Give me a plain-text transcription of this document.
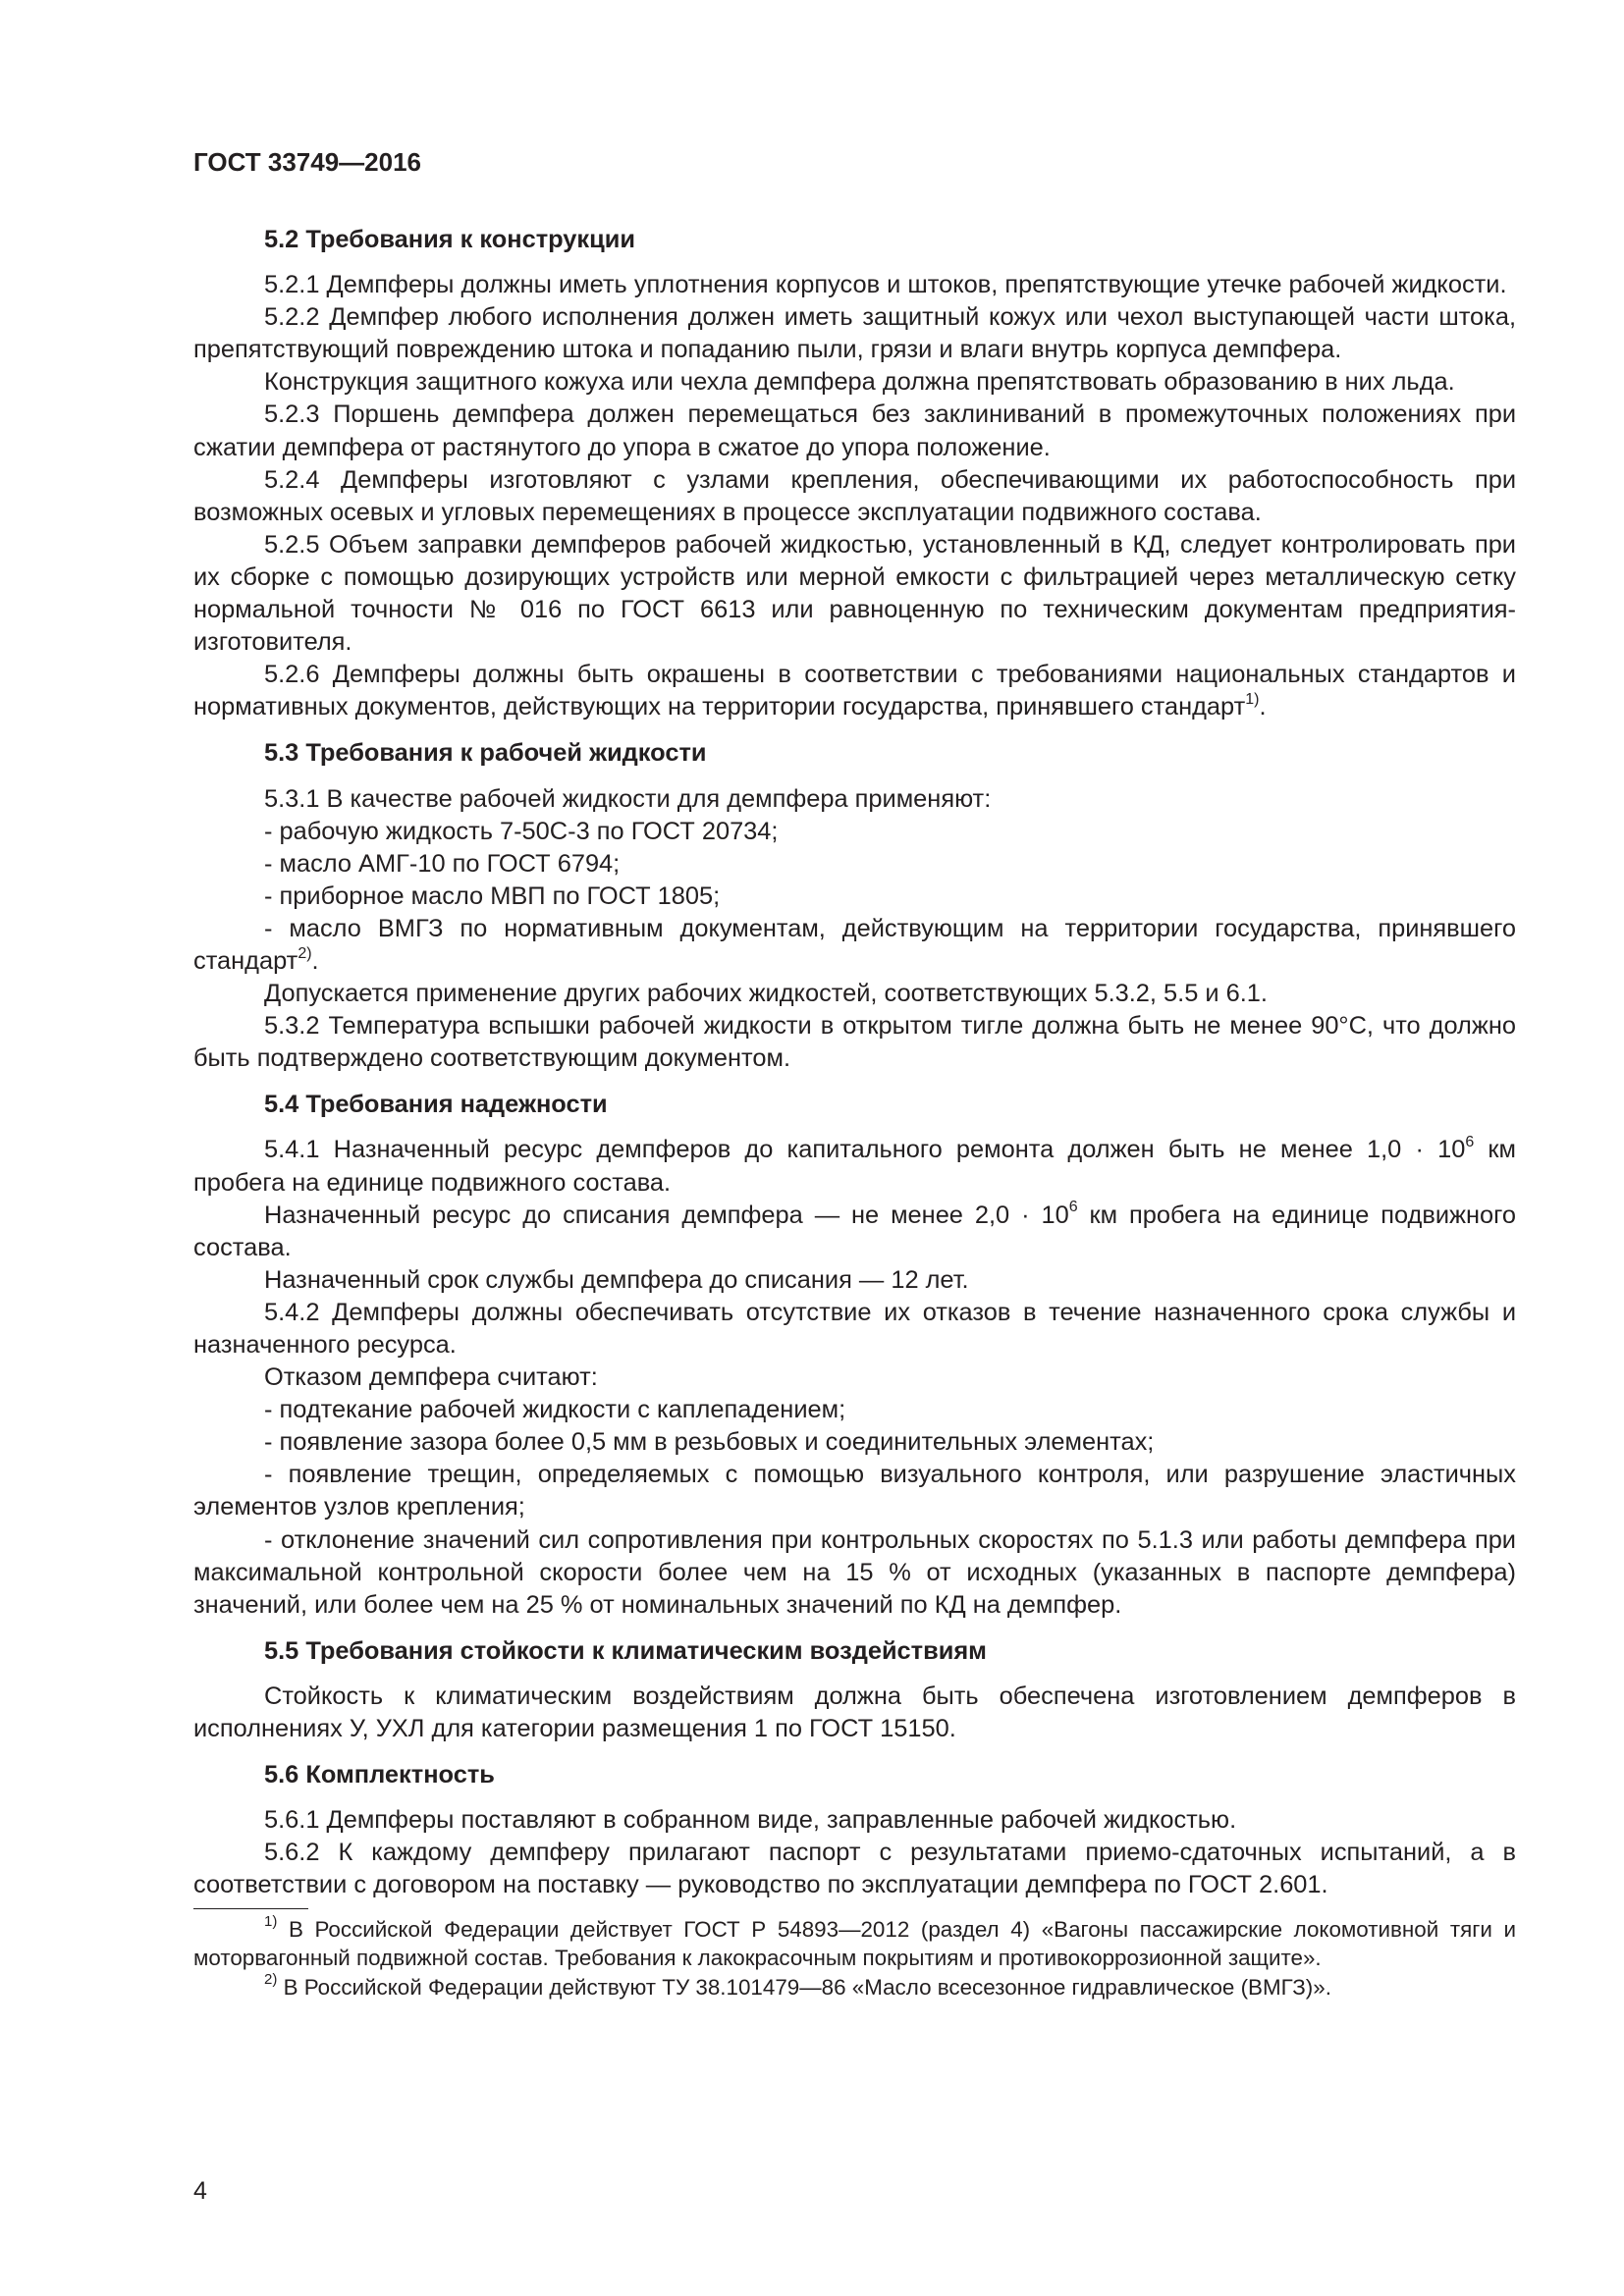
ГОСТ 33749—2016

5.2 Требования к конструкции

5.2.1 Демпферы должны иметь уплотнения корпусов и штоков, препятствующие утечке рабочей жидкости.

5.2.2 Демпфер любого исполнения должен иметь защитный кожух или чехол выступающей части штока, препятствующий повреждению штока и попаданию пыли, грязи и влаги внутрь корпуса демпфера.

Конструкция защитного кожуха или чехла демпфера должна препятствовать образованию в них льда.

5.2.3 Поршень демпфера должен перемещаться без заклиниваний в промежуточных положениях при сжатии демпфера от растянутого до упора в сжатое до упора положение.

5.2.4 Демпферы изготовляют с узлами крепления, обеспечивающими их работоспособность при возможных осевых и угловых перемещениях в процессе эксплуатации подвижного состава.

5.2.5 Объем заправки демпферов рабочей жидкостью, установленный в КД, следует контролировать при их сборке с помощью дозирующих устройств или мерной емкости с фильтрацией через металлическую сетку нормальной точности № 016 по ГОСТ 6613 или равноценную по техническим документам предприятия-изготовителя.

5.2.6 Демпферы должны быть окрашены в соответствии с требованиями национальных стандартов и нормативных документов, действующих на территории государства, принявшего стандарт$^{1)}$.

5.3 Требования к рабочей жидкости

5.3.1 В качестве рабочей жидкости для демпфера применяют:

- рабочую жидкость 7-50С-3 по ГОСТ 20734;

- масло АМГ-10 по ГОСТ 6794;

- приборное масло МВП по ГОСТ 1805;

- масло ВМГЗ по нормативным документам, действующим на территории государства, принявшего стандарт$^{2)}$.

Допускается применение других рабочих жидкостей, соответствующих 5.3.2, 5.5 и 6.1.

5.3.2 Температура вспышки рабочей жидкости в открытом тигле должна быть не менее 90°С, что должно быть подтверждено соответствующим документом.

5.4 Требования надежности

5.4.1 Назначенный ресурс демпферов до капитального ремонта должен быть не менее $1,0 \cdot 10^6$ км пробега на единице подвижного состава.

Назначенный ресурс до списания демпфера — не менее $2,0 \cdot 10^6$ км пробега на единице подвижного состава.

Назначенный срок службы демпфера до списания — 12 лет.

5.4.2 Демпферы должны обеспечивать отсутствие их отказов в течение назначенного срока службы и назначенного ресурса.

Отказом демпфера считают:

- подтекание рабочей жидкости с каплепадением;

- появление зазора более 0,5 мм в резьбовых и соединительных элементах;

- появление трещин, определяемых с помощью визуального контроля, или разрушение эластичных элементов узлов крепления;

- отклонение значений сил сопротивления при контрольных скоростях по 5.1.3 или работы демпфера при максимальной контрольной скорости более чем на 15 % от исходных (указанных в паспорте демпфера) значений, или более чем на 25 % от номинальных значений по КД на демпфер.

5.5 Требования стойкости к климатическим воздействиям

Стойкость к климатическим воздействиям должна быть обеспечена изготовлением демпферов в исполнениях У, УХЛ для категории размещения 1 по ГОСТ 15150.

5.6 Комплектность

5.6.1 Демпферы поставляют в собранном виде, заправленные рабочей жидкостью.

5.6.2 К каждому демпферу прилагают паспорт с результатами приемо-сдаточных испытаний, а в соответствии с договором на поставку — руководство по эксплуатации демпфера по ГОСТ 2.601.

$^{1)}$ В Российской Федерации действует ГОСТ Р 54893—2012 (раздел 4) «Вагоны пассажирские локомотивной тяги и моторвагонный подвижной состав. Требования к лакокрасочным покрытиям и противокоррозионной защите».

$^{2)}$ В Российской Федерации действуют ТУ 38.101479—86 «Масло всесезонное гидравлическое (ВМГЗ)».

4
